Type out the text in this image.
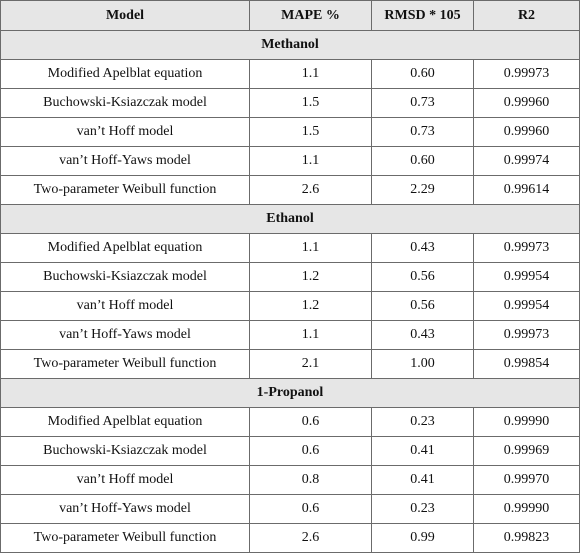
Model	MAPE %	RMSD * 105	R2
Methanol			
Modified Apelblat equation	1.1	0.60	0.99973
Buchowski-Ksiazczak model	1.5	0.73	0.99960
van’t Hoff model	1.5	0.73	0.99960
van’t Hoff-Yaws model	1.1	0.60	0.99974
Two-parameter Weibull function	2.6	2.29	0.99614
Ethanol			
Modified Apelblat equation	1.1	0.43	0.99973
Buchowski-Ksiazczak model	1.2	0.56	0.99954
van’t Hoff model	1.2	0.56	0.99954
van’t Hoff-Yaws model	1.1	0.43	0.99973
Two-parameter Weibull function	2.1	1.00	0.99854
1-Propanol			
Modified Apelblat equation	0.6	0.23	0.99990
Buchowski-Ksiazczak model	0.6	0.41	0.99969
van’t Hoff model	0.8	0.41	0.99970
van’t Hoff-Yaws model	0.6	0.23	0.99990
Two-parameter Weibull function	2.6	0.99	0.99823
